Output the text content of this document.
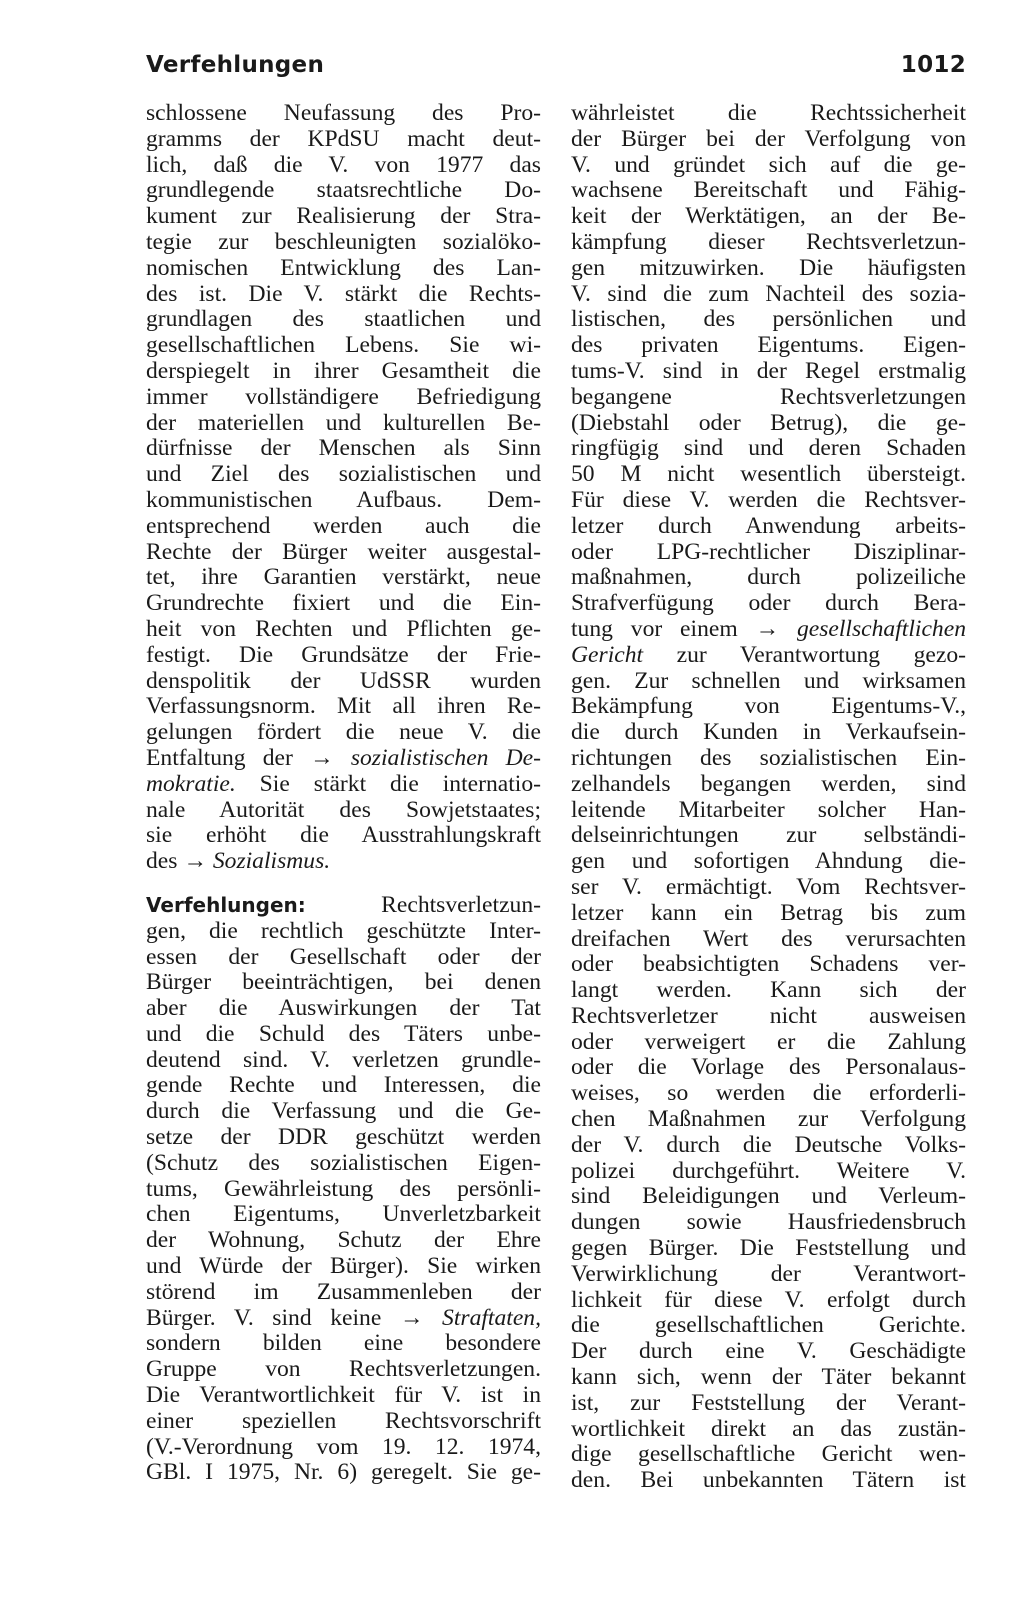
Verfehlungen	1012
schlossene Neufassung des Pro-
gramms der KPdSU macht deut-
lich, daß die V. von 1977 das
grundlegende staatsrechtliche Do-
kument zur Realisierung der Stra-
tegie zur beschleunigten sozialöko-
nomischen Entwicklung des Lan-
des ist. Die V. stärkt die Rechts-
grundlagen des staatlichen und
gesellschaftlichen Lebens. Sie wi-
derspiegelt in ihrer Gesamtheit die
immer vollständigere Befriedigung
der materiellen und kulturellen Be-
dürfnisse der Menschen als Sinn
und Ziel des sozialistischen und
kommunistischen Aufbaus. Dem-
entsprechend werden auch die
Rechte der Bürger weiter ausgestal-
tet, ihre Garantien verstärkt, neue
Grundrechte fixiert und die Ein-
heit von Rechten und Pflichten ge-
festigt. Die Grundsätze der Frie-
denspolitik der UdSSR wurden
Verfassungsnorm. Mit all ihren Re-
gelungen fördert die neue V. die
Entfaltung der → sozialistischen De-
mokratie. Sie stärkt die internatio-
nale Autorität des Sowjetstaates;
sie erhöht die Ausstrahlungskraft
des → Sozialismus.
Verfehlungen: Rechtsverletzun-
gen, die rechtlich geschützte Inter-
essen der Gesellschaft oder der
Bürger beeinträchtigen, bei denen
aber die Auswirkungen der Tat
und die Schuld des Täters unbe-
deutend sind. V. verletzen grundle-
gende Rechte und Interessen, die
durch die Verfassung und die Ge-
setze der DDR geschützt werden
(Schutz des sozialistischen Eigen-
tums, Gewährleistung des persönli-
chen Eigentums, Unverletzbarkeit
der Wohnung, Schutz der Ehre
und Würde der Bürger). Sie wirken
störend im Zusammenleben der
Bürger. V. sind keine → Straftaten,
sondern bilden eine besondere
Gruppe von Rechtsverletzungen.
Die Verantwortlichkeit für V. ist in
einer speziellen Rechtsvorschrift
(V.-Verordnung vom 19. 12. 1974,
GBl. I 1975, Nr. 6) geregelt. Sie ge-
währleistet die Rechtssicherheit
der Bürger bei der Verfolgung von
V. und gründet sich auf die ge-
wachsene Bereitschaft und Fähig-
keit der Werktätigen, an der Be-
kämpfung dieser Rechtsverletzun-
gen mitzuwirken. Die häufigsten
V. sind die zum Nachteil des sozia-
listischen, des persönlichen und
des privaten Eigentums. Eigen-
tums-V. sind in der Regel erstmalig
begangene Rechtsverletzungen
(Diebstahl oder Betrug), die ge-
ringfügig sind und deren Schaden
50 M nicht wesentlich übersteigt.
Für diese V. werden die Rechtsver-
letzer durch Anwendung arbeits-
oder LPG-rechtlicher Disziplinar-
maßnahmen, durch polizeiliche
Strafverfügung oder durch Bera-
tung vor einem → gesellschaftlichen
Gericht zur Verantwortung gezo-
gen. Zur schnellen und wirksamen
Bekämpfung von Eigentums-V.,
die durch Kunden in Verkaufsein-
richtungen des sozialistischen Ein-
zelhandels begangen werden, sind
leitende Mitarbeiter solcher Han-
delseinrichtungen zur selbständi-
gen und sofortigen Ahndung die-
ser V. ermächtigt. Vom Rechtsver-
letzer kann ein Betrag bis zum
dreifachen Wert des verursachten
oder beabsichtigten Schadens ver-
langt werden. Kann sich der
Rechtsverletzer nicht ausweisen
oder verweigert er die Zahlung
oder die Vorlage des Personalaus-
weises, so werden die erforderli-
chen Maßnahmen zur Verfolgung
der V. durch die Deutsche Volks-
polizei durchgeführt. Weitere V.
sind Beleidigungen und Verleum-
dungen sowie Hausfriedensbruch
gegen Bürger. Die Feststellung und
Verwirklichung der Verantwort-
lichkeit für diese V. erfolgt durch
die gesellschaftlichen Gerichte.
Der durch eine V. Geschädigte
kann sich, wenn der Täter bekannt
ist, zur Feststellung der Verant-
wortlichkeit direkt an das zustän-
dige gesellschaftliche Gericht wen-
den. Bei unbekannten Tätern ist
